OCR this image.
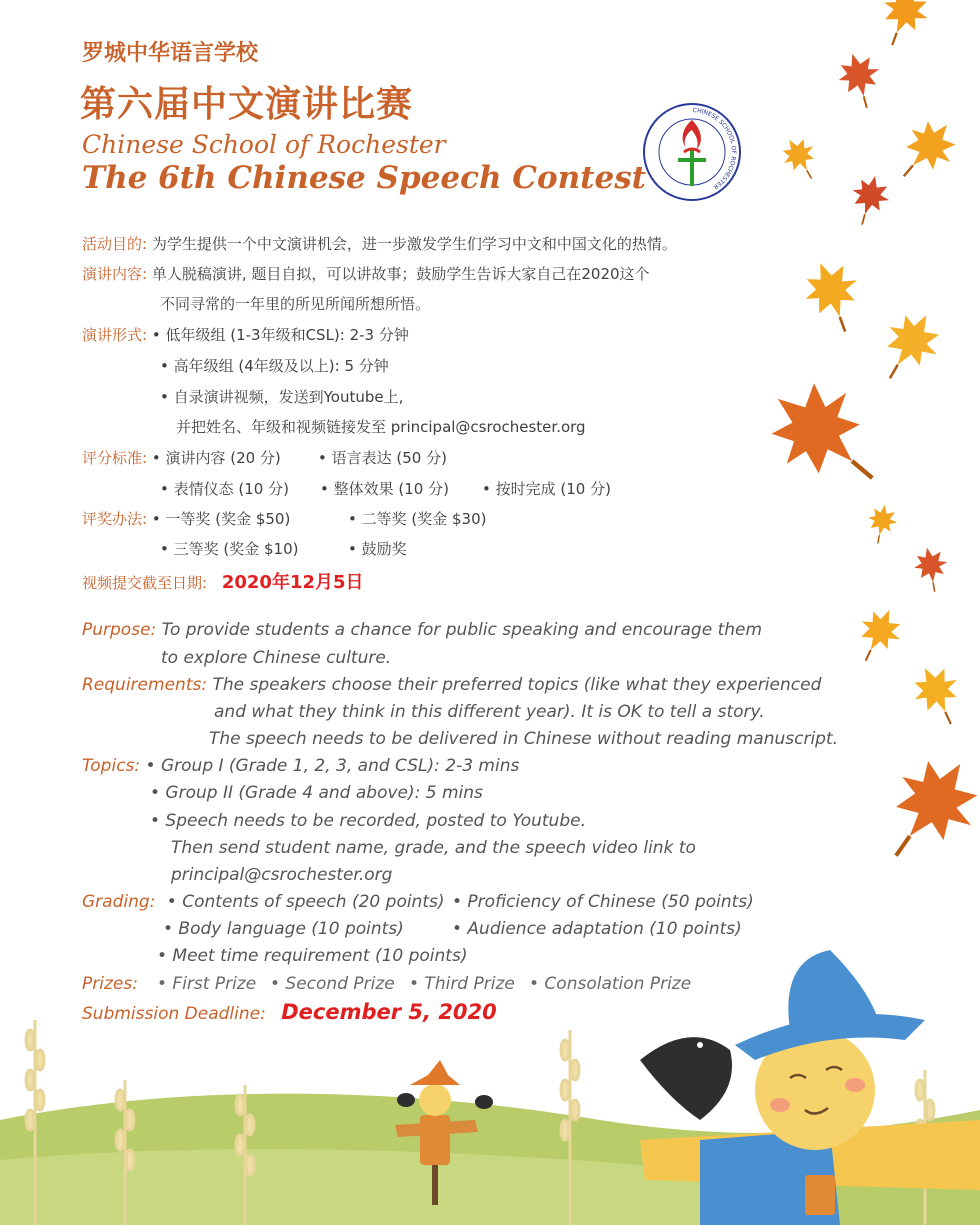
罗城中华语言学校
第六届中文演讲比赛
Chinese School of Rochester
The 6th Chinese Speech Contest
CHINESE SCHOOL OF ROCHESTER
活动目的: 为学生提供一个中文演讲机会，进一步激发学生们学习中文和中国文化的热情。
演讲内容: 单人脱稿演讲, 题目自拟，可以讲故事；鼓励学生告诉大家自己在2020这个
不同寻常的一年里的所见所闻所想所悟。
演讲形式: • 低年级组 (1-3年级和CSL): 2-3 分钟
• 高年级组 (4年级及以上): 5 分钟
• 自录演讲视频，发送到Youtube上,
并把姓名、年级和视频链接发至 principal@csrochester.org
评分标准: • 演讲内容 (20 分) • 语言表达 (50 分)
• 表情仪态 (10 分) • 整体效果 (10 分) • 按时完成 (10 分)
评奖办法: • 一等奖 (奖金 $50)	• 二等奖 (奖金 $30)
• 三等奖 (奖金 $10)	• 鼓励奖
视频提交截至日期: 2020年12月5日
Purpose: To provide students a chance for public speaking and encourage them
to explore Chinese culture.
Requirements: The speakers choose their preferred topics (like what they experienced
and what they think in this different year). It is OK to tell a story.
The speech needs to be delivered in Chinese without reading manuscript.
Topics: • Group I (Grade 1, 2, 3, and CSL): 2-3 mins
• Group II (Grade 4 and above): 5 mins
• Speech needs to be recorded, posted to Youtube.
Then send student name, grade, and the speech video link to
principal@csrochester.org
Grading: • Contents of speech (20 points) • Proficiency of Chinese (50 points)
• Body language (10 points)	• Audience adaptation (10 points)
• Meet time requirement (10 points)
Prizes: • First Prize • Second Prize • Third Prize • Consolation Prize
Submission Deadline: December 5, 2020
